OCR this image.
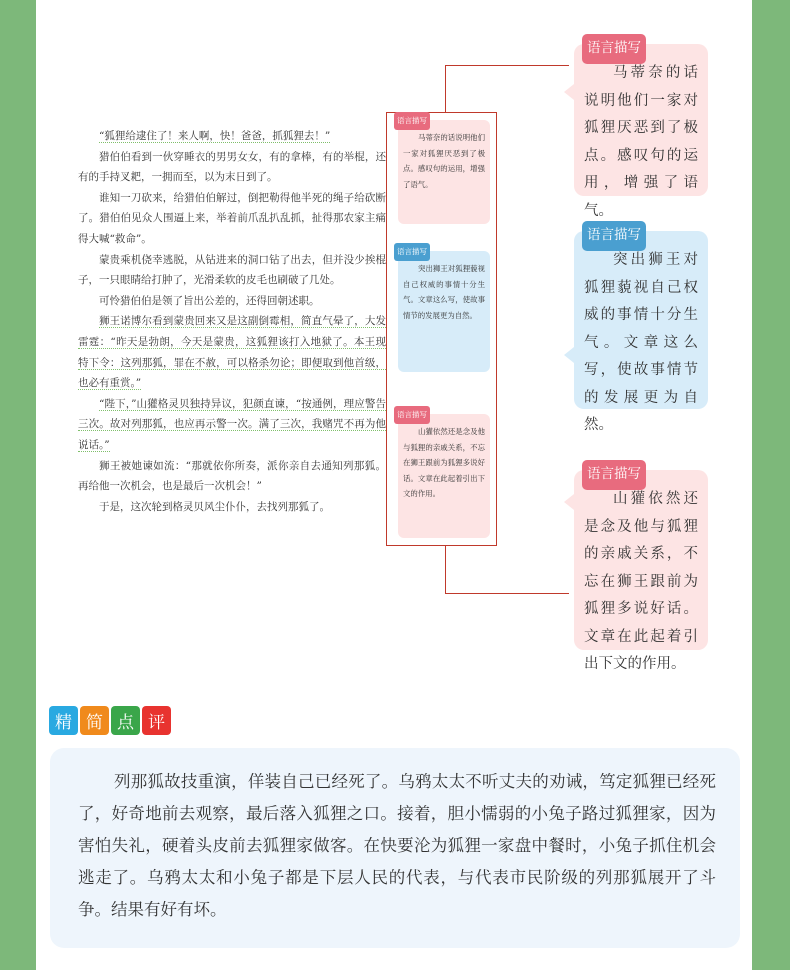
“狐狸给逮住了！来人啊，快！爸爸，抓狐狸去！”

猎伯伯看到一伙穿睡衣的男男女女，有的拿棒，有的举棍，还有的手持叉耙，一拥而至，以为末日到了。

谁知一刀砍来，给猎伯伯解过，倒把勒得他半死的绳子给砍断了。猎伯伯见众人围逼上来，举着前爪乱扒乱抓，扯得那农家主痛得大喊“救命”。

蒙贵乘机侥幸逃脱，从钻进来的洞口钻了出去，但并没少挨棍子，一只眼睛给打肿了，光滑柔软的皮毛也刷破了几处。

可怜猎伯伯是领了旨出公差的，还得回朝述职。

狮王诺博尔看到蒙贵回来又是这副倒霉相，简直气晕了，大发雷霆：“昨天是勃朗，今天是蒙贵，这狐狸该打入地狱了。本王现特下令：这列那狐，罪在不赦，可以格杀勿论；即便取到他首级，也必有重赏。”

“陛下，”山獾格灵贝独持异议，犯颜直谏，“按通例，理应警告三次。故对列那狐，也应再示警一次。满了三次，我赌咒不再为他说话。”

狮王被她谏如流：“那就依你所奏，派你亲自去通知列那狐。再给他一次机会，也是最后一次机会！”

于是，这次轮到格灵贝风尘仆仆，去找列那狐了。

语言描写

马蒂奈的话说明他们一家对狐狸厌恶到了极点。感叹句的运用，增强了语气。

语言描写

突出狮王对狐狸藐视自己权威的事情十分生气。文章这么写，使故事情节的发展更为自然。

语言描写

山獾依然还是念及他与狐狸的亲戚关系，不忘在狮王跟前为狐狸多说好话。文章在此起着引出下文的作用。

语言描写

马蒂奈的话说明他们一家对狐狸厌恶到了极点。感叹句的运用，增强了语气。

语言描写

突出狮王对狐狸藐视自己权威的事情十分生气。文章这么写，使故事情节的发展更为自然。

语言描写

山獾依然还是念及他与狐狸的亲戚关系，不忘在狮王跟前为狐狸多说好话。文章在此起着引出下文的作用。

精 简 点 评

列那狐故技重演，佯装自己已经死了。乌鸦太太不听丈夫的劝诫，笃定狐狸已经死了，好奇地前去观察，最后落入狐狸之口。接着，胆小懦弱的小兔子路过狐狸家，因为害怕失礼，硬着头皮前去狐狸家做客。在快要沦为狐狸一家盘中餐时，小兔子抓住机会逃走了。乌鸦太太和小兔子都是下层人民的代表，与代表市民阶级的列那狐展开了斗争。结果有好有坏。
